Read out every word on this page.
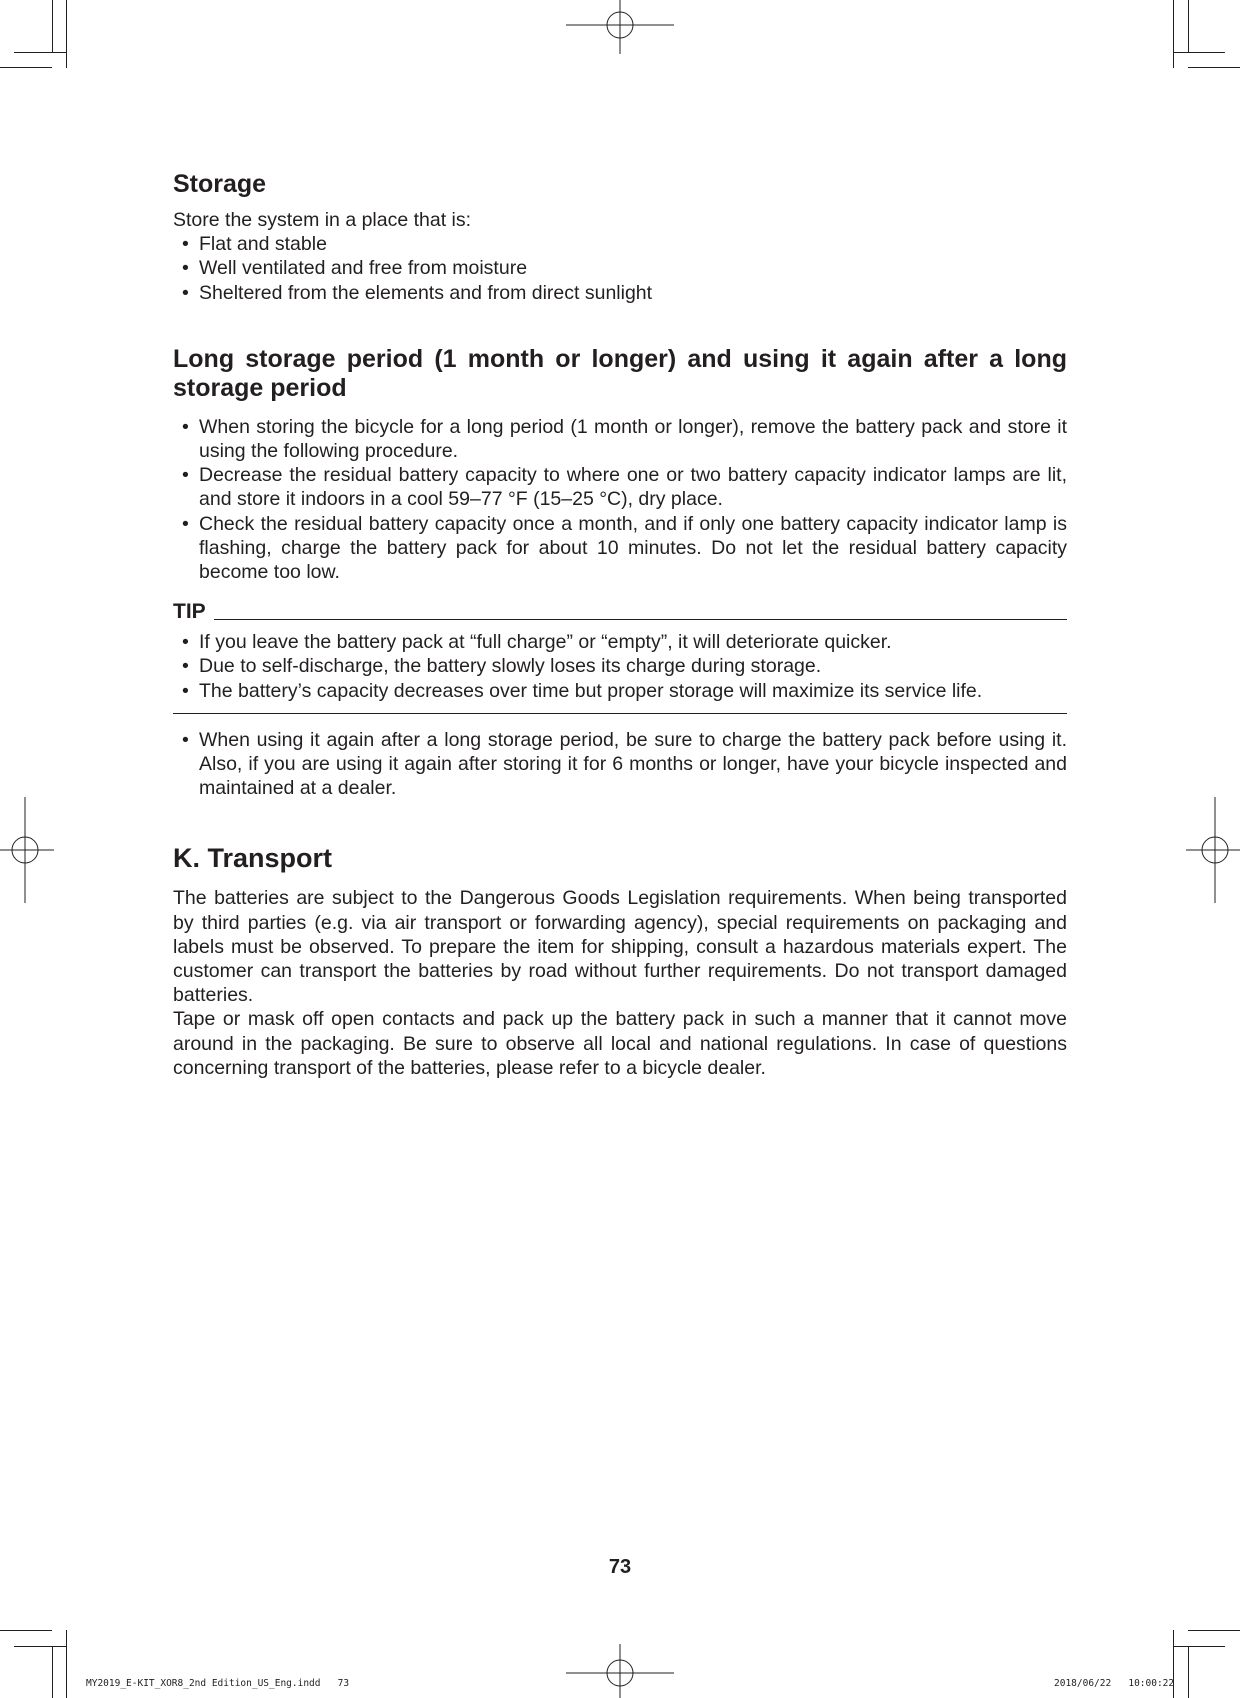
Storage

Store the system in a place that is:

• Flat and stable
• Well ventilated and free from moisture
• Sheltered from the elements and from direct sunlight
Long storage period (1 month or longer) and using it again after a long storage period
• When storing the bicycle for a long period (1 month or longer), remove the battery pack and store it using the following procedure.
• Decrease the residual battery capacity to where one or two battery capacity indicator lamps are lit, and store it indoors in a cool 59–77 °F (15–25 °C), dry place.
• Check the residual battery capacity once a month, and if only one battery capacity indicator lamp is flashing, charge the battery pack for about 10 minutes. Do not let the residual battery capacity become too low.
TIP
• If you leave the battery pack at “full charge” or “empty”, it will deteriorate quicker.
• Due to self-discharge, the battery slowly loses its charge during storage.
• The battery’s capacity decreases over time but proper storage will maximize its service life.
• When using it again after a long storage period, be sure to charge the battery pack before using it. Also, if you are using it again after storing it for 6 months or longer, have your bicycle inspected and maintained at a dealer.
K. Transport

The batteries are subject to the Dangerous Goods Legislation requirements. When being transported by third parties (e.g. via air transport or forwarding agency), special requirements on packaging and labels must be observed. To prepare the item for shipping, consult a hazardous materials expert. The customer can transport the batteries by road without further requirements. Do not transport damaged batteries.

Tape or mask off open contacts and pack up the battery pack in such a manner that it cannot move around in the packaging. Be sure to observe all local and national regulations. In case of questions concerning transport of the batteries, please refer to a bicycle dealer.

73
MY2019_E-KIT_XOR8_2nd Edition_US_Eng.indd   73	2018/06/22   10:00:22
